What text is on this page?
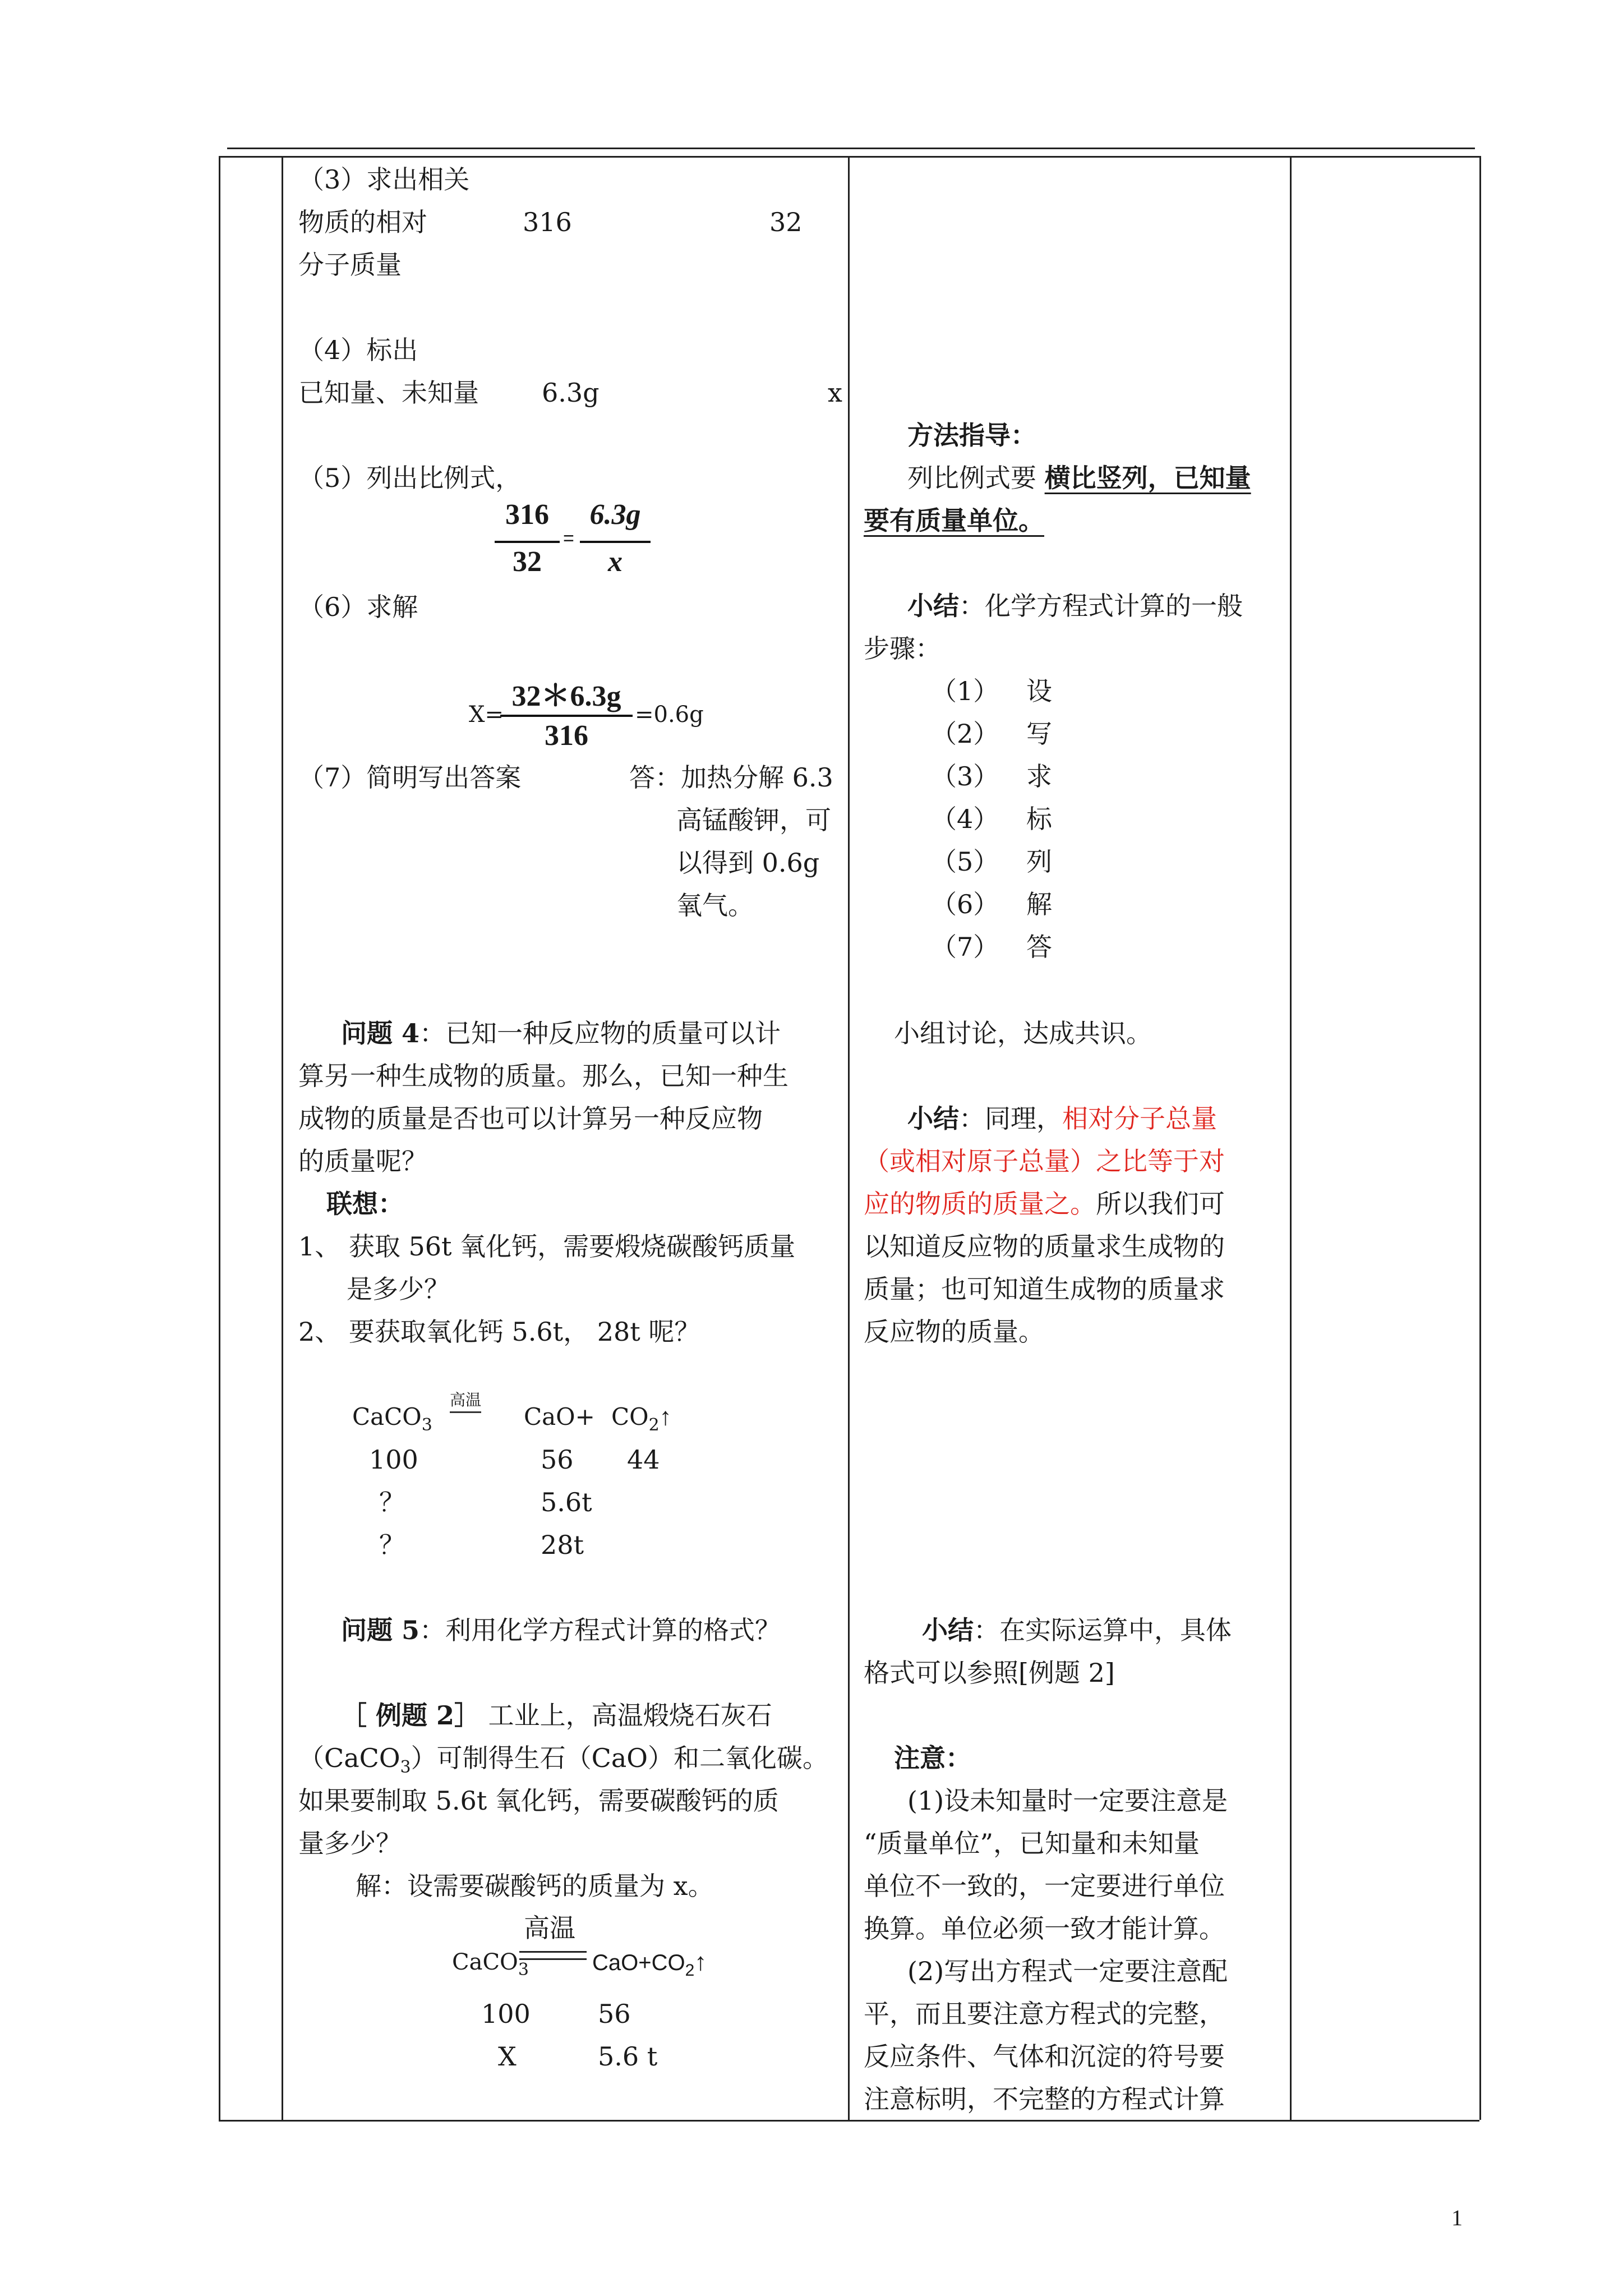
（3）求出相关
物质的相对	316	32
分子质量
（4）标出
已知量、未知量 6.3g	x
（5）列出比例式，
316
32
=
6.3g
x
（6）求解
X=
32＊6.3g
316
=0.6g
（7）简明写出答案	答：加热分解 6.3
高锰酸钾，可
以得到 0.6g
氧气。
问题 4：已知一种反应物的质量可以计
算另一种生成物的质量。那么，已知一种生
成物的质量是否也可以计算另一种反应物
的质量呢？
联想：
1、 获取 56t 氧化钙，需要煅烧碳酸钙质量
是多少？
2、 要获取氧化钙 5.6t， 28t 呢？
CaCO$_3$
高温
$CaO+ CO_2↑$
100	56 44
？	5.6t
？	28t
问题 5：利用化学方程式计算的格式？
［ 例题 2］ 工业上，高温煅烧石灰石
（CaCO$_3$）可制得生石（CaO）和二氧化碳。
如果要制取 5.6t 氧化钙，需要碳酸钙的质
量多少？
解：设需要碳酸钙的质量为 x。
CaCO$_3$
高温
$CaO+CO_2↑$
100	56
X	5.6 t
方法指导：
列比例式要 横比竖列，已知量
要有质量单位。
小结：化学方程式计算的一般
步骤：
（1） 设
（2） 写
（3） 求
（4） 标
（5） 列
（6） 解
（7） 答
小组讨论，达成共识。
小结：同理，相对分子总量
（或相对原子总量）之比等于对
应的物质的质量之。所以我们可
以知道反应物的质量求生成物的
质量；也可知道生成物的质量求
反应物的质量。
小结：在实际运算中，具体
格式可以参照[例题 2]
注意：
(1)设未知量时一定要注意是
“质量单位”，已知量和未知量
单位不一致的，一定要进行单位
换算。单位必须一致才能计算。
(2)写出方程式一定要注意配
平，而且要注意方程式的完整，
反应条件、气体和沉淀的符号要
注意标明，不完整的方程式计算
1
